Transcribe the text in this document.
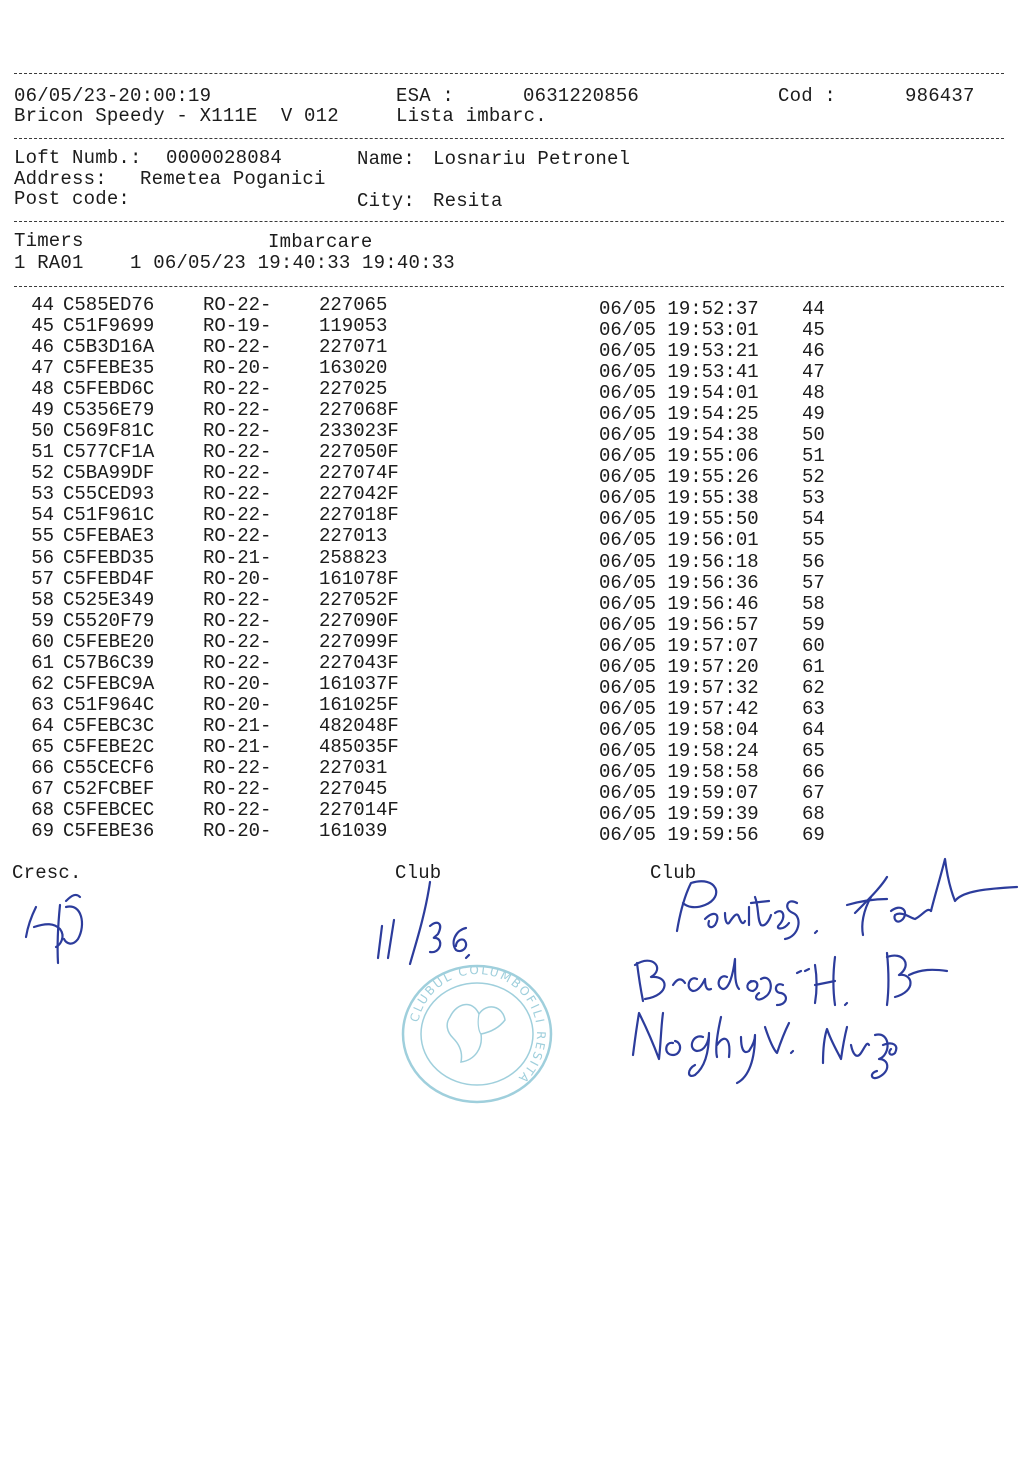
06/05/23-20:00:19	ESA :	0631220856	Cod :	986437
Bricon Speedy - X111E  V 012	Lista imbarc.
Loft Numb.: 0000028084	Name: Losnariu Petronel
Address: Remetea Poganici
Post code:	City: Resita
Timers	Imbarcare
1 RA01    1 06/05/23 19:40:33 19:40:33
44 C585ED76	RO-22-	227065	06/05 19:52:37 44
45 C51F9699	RO-19-	119053	06/05 19:53:01 45
46 C5B3D16A	RO-22-	227071	06/05 19:53:21 46
47 C5FEBE35	RO-20-	163020	06/05 19:53:41 47
48 C5FEBD6C	RO-22-	227025	06/05 19:54:01 48
49 C5356E79	RO-22-	227068F	06/05 19:54:25 49
50 C569F81C	RO-22-	233023F	06/05 19:54:38 50
51 C577CF1A	RO-22-	227050F	06/05 19:55:06 51
52 C5BA99DF	RO-22-	227074F	06/05 19:55:26 52
53 C55CED93	RO-22-	227042F	06/05 19:55:38 53
54 C51F961C	RO-22-	227018F	06/05 19:55:50 54
55 C5FEBAE3	RO-22-	227013	06/05 19:56:01 55
56 C5FEBD35	RO-21-	258823	06/05 19:56:18 56
57 C5FEBD4F	RO-20-	161078F	06/05 19:56:36 57
58 C525E349	RO-22-	227052F	06/05 19:56:46 58
59 C5520F79	RO-22-	227090F	06/05 19:56:57 59
60 C5FEBE20	RO-22-	227099F	06/05 19:57:07 60
61 C57B6C39	RO-22-	227043F	06/05 19:57:20 61
62 C5FEBC9A	RO-20-	161037F	06/05 19:57:32 62
63 C51F964C	RO-20-	161025F	06/05 19:57:42 63
64 C5FEBC3C	RO-21-	482048F	06/05 19:58:04 64
65 C5FEBE2C	RO-21-	485035F	06/05 19:58:24 65
66 C55CECF6	RO-22-	227031	06/05 19:58:58 66
67 C52FCBEF	RO-22-	227045	06/05 19:59:07 67
68 C5FEBCEC	RO-22-	227014F	06/05 19:59:39 68
69 C5FEBE36	RO-20-	161039	06/05 19:59:56 69
Cresc.	Club	Club
CLUBUL COLUMBOFILI RESITA
